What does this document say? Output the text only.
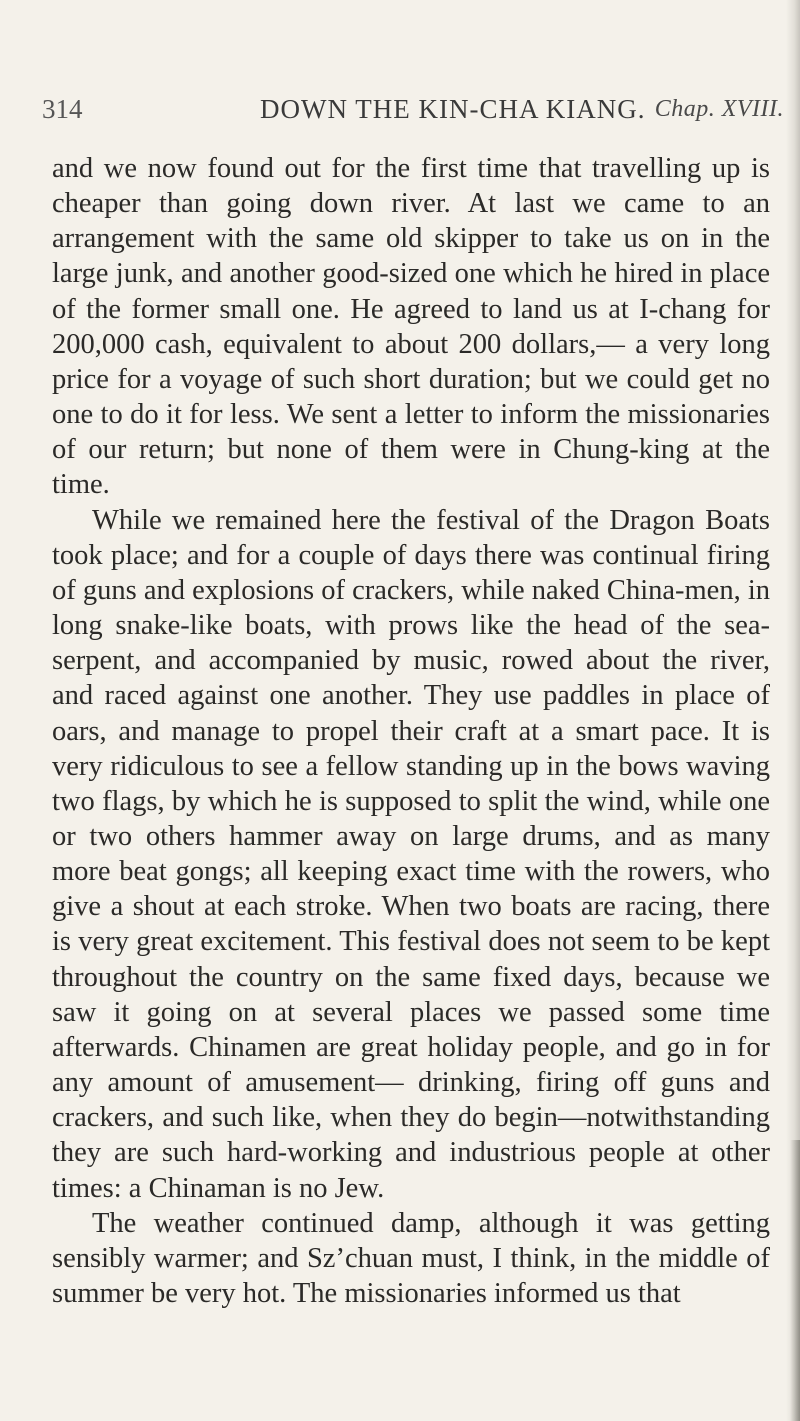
314	DOWN THE KIN-CHA KIANG. Chap. XVIII.

and we now found out for the first time that travelling up is cheaper than going down river. At last we came to an arrangement with the same old skipper to take us on in the large junk, and another good-sized one which he hired in place of the former small one. He agreed to land us at I-chang for 200,000 cash, equivalent to about 200 dollars,— a very long price for a voyage of such short duration; but we could get no one to do it for less. We sent a letter to inform the missionaries of our return; but none of them were in Chung-king at the time.

While we remained here the festival of the Dragon Boats took place; and for a couple of days there was continual firing of guns and explosions of crackers, while naked China-men, in long snake-like boats, with prows like the head of the sea-serpent, and accompanied by music, rowed about the river, and raced against one another. They use paddles in place of oars, and manage to propel their craft at a smart pace. It is very ridiculous to see a fellow standing up in the bows waving two flags, by which he is supposed to split the wind, while one or two others hammer away on large drums, and as many more beat gongs; all keeping exact time with the rowers, who give a shout at each stroke. When two boats are racing, there is very great excitement. This festival does not seem to be kept throughout the country on the same fixed days, because we saw it going on at several places we passed some time afterwards. Chinamen are great holiday people, and go in for any amount of amusement— drinking, firing off guns and crackers, and such like, when they do begin—notwithstanding they are such hard-working and industrious people at other times: a Chinaman is no Jew.

The weather continued damp, although it was getting sensibly warmer; and Sz’chuan must, I think, in the middle of summer be very hot. The missionaries informed us that
